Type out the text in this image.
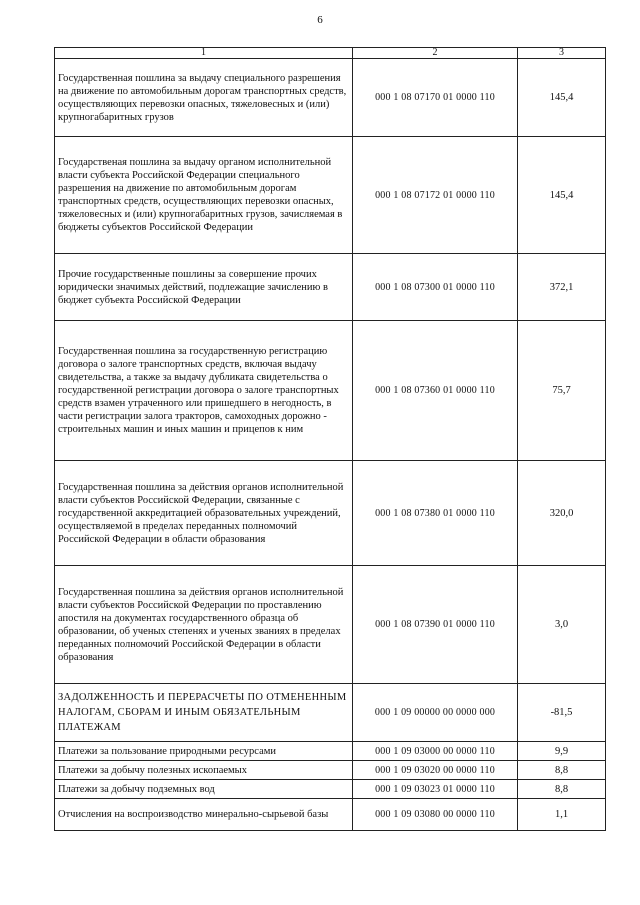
6
1	2	3
Государственная пошлина за выдачу специального разрешения на движение по автомобильным дорогам транспортных средств, осуществляющих перевозки опасных, тяжеловесных и (или) крупногабаритных грузов	000 1 08 07170 01 0000 110	145,4
Государственая пошлина за выдачу органом исполнительной власти субъекта Российской Федерации специального разрешения на движение по автомобильным дорогам транспортных средств, осуществляющих перевозки опасных, тяжеловесных и (или) крупногабаритных грузов, зачисляемая в бюджеты субъектов Российской Федерации	000 1 08 07172 01 0000 110	145,4
Прочие государственные пошлины за совершение прочих юридически значимых действий, подлежащие зачислению в бюджет субъекта Российской Федерации	000 1 08 07300 01 0000 110	372,1
Государственная пошлина за государственную регистрацию договора о залоге транспортных средств, включая выдачу свидетельства, а также за выдачу дубликата свидетельства о государственной регистрации договора о залоге транспортных средств взамен утраченного или пришедшего в негодность, в части регистрации залога тракторов, самоходных дорожно - строительных машин и иных машин и прицепов к ним	000 1 08 07360 01 0000 110	75,7
Государственная пошлина за действия органов исполнительной власти субъектов Российской Федерации, связанные с государственной аккредитацией образовательных учреждений, осуществляемой в пределах переданных полномочий Российской Федерации в области образования	000 1 08 07380 01 0000 110	320,0
Государственная пошлина за действия органов исполнительной власти субъектов Российской Федерации по проставлению апостиля на документах государственного образца об образовании, об ученых степенях и ученых званиях в пределах переданных полномочий Российской Федерации в области образования	000 1 08 07390 01 0000 110	3,0
ЗАДОЛЖЕННОСТЬ И ПЕРЕРАСЧЕТЫ ПО ОТМЕНЕННЫМ НАЛОГАМ, СБОРАМ И ИНЫМ ОБЯЗАТЕЛЬНЫМ ПЛАТЕЖАМ	000 1 09 00000 00 0000 000	-81,5
Платежи за пользование природными ресурсами	000 1 09 03000 00 0000 110	9,9
Платежи за добычу полезных ископаемых	000 1 09 03020 00 0000 110	8,8
Платежи за добычу подземных вод	000 1 09 03023 01 0000 110	8,8
Отчисления на воспроизводство минерально-сырьевой базы	000 1 09 03080 00 0000 110	1,1
